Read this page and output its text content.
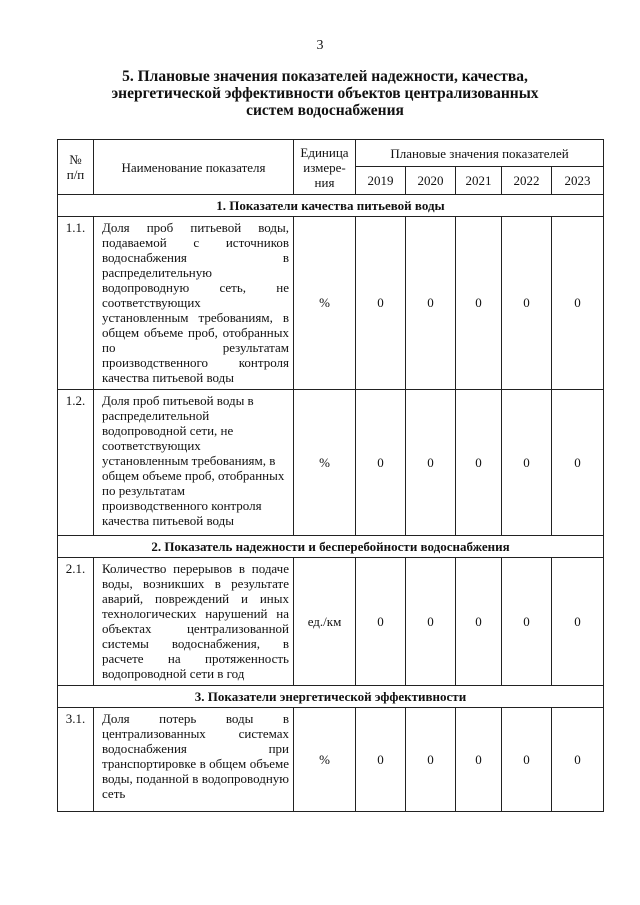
3
5. Плановые значения показателей надежности, качества,
энергетической эффективности объектов централизованных
систем водоснабжения
№ п/п	Наименование показателя	Единица измере-ния	Плановые значения показателей				
			2019	2020	2021	2022	2023
1. Показатели качества питьевой воды							
1.1.	Доля проб питьевой воды, подаваемой с источников водоснабжения в распределительную водопроводную сеть, не соответствующих установленным требованиям, в общем объеме проб, отобранных по результатам производственного контроля качества питьевой воды	%	0	0	0	0	0
1.2.	Доля проб питьевой воды в распределительной водопроводной сети, не соответствующих установленным требованиям, в общем объеме проб, отобранных по результатам производственного контроля качества питьевой воды	%	0	0	0	0	0
2. Показатель надежности и бесперебойности водоснабжения							
2.1.	Количество перерывов в подаче воды, возникших в результате аварий, повреждений и иных технологических нарушений на объектах централизованной системы водоснабжения, в расчете на протяженность водопроводной сети в год	ед./км	0	0	0	0	0
3. Показатели энергетической эффективности							
3.1.	Доля потерь воды в централизованных системах водоснабжения при транспортировке в общем объеме воды, поданной в водопроводную сеть	%	0	0	0	0	0
